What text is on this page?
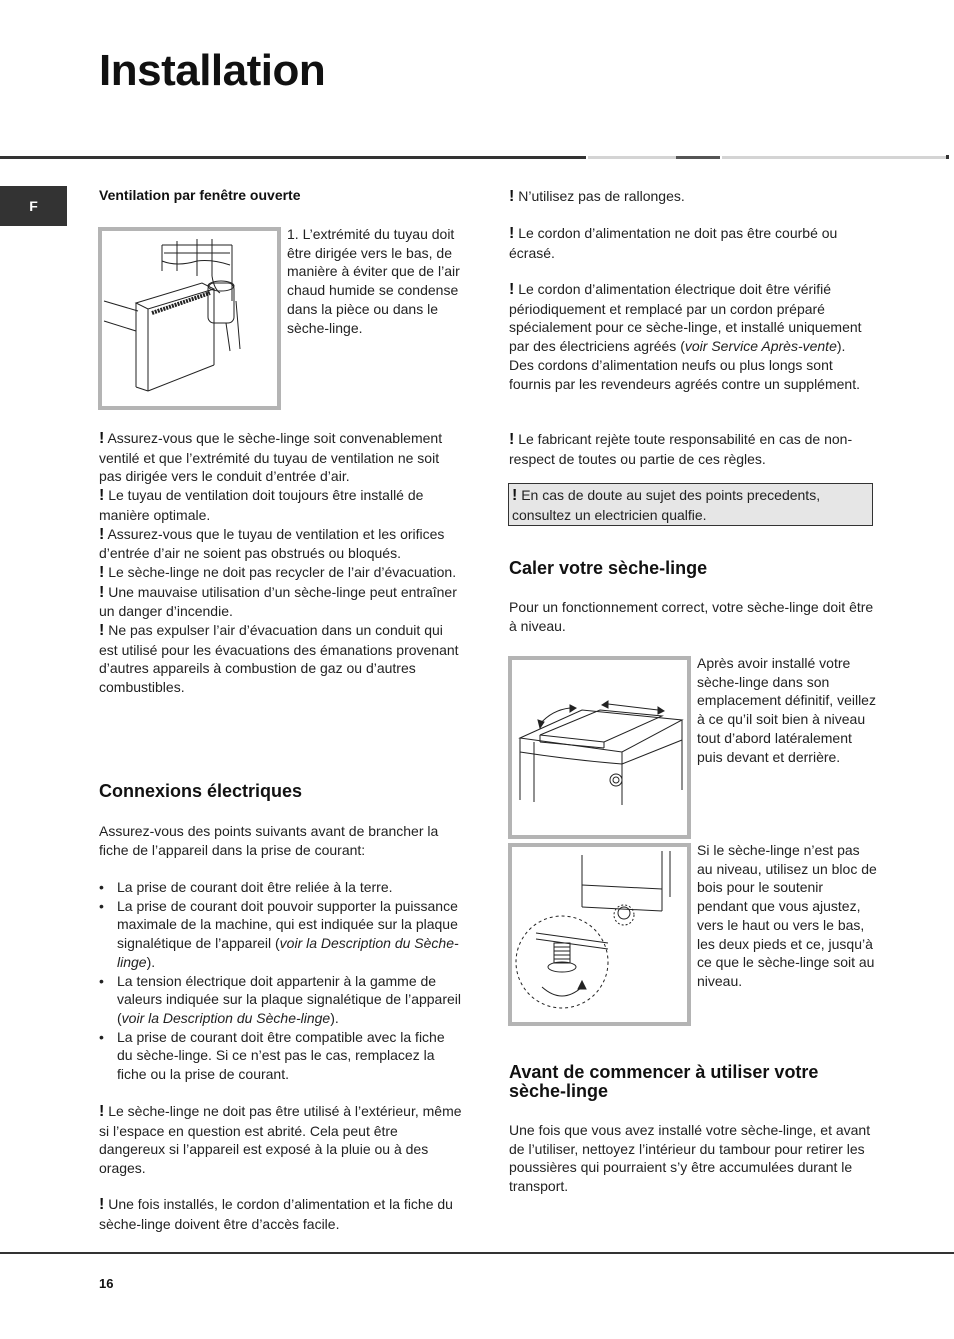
Installation
F
Ventilation par fenêtre ouverte
1. L’extrémité du tuyau doit être dirigée vers le bas, de manière à éviter que de l’air chaud humide se condense dans la pièce ou dans le sèche-linge.
! Assurez-vous que le sèche-linge soit convenablement ventilé et que l’extrémité du tuyau de ventilation ne soit pas dirigée vers le conduit d’entrée d’air.
! Le tuyau de ventilation doit toujours être installé de manière optimale.
! Assurez-vous que le tuyau de ventilation et les orifices d’entrée d’air ne soient pas obstrués ou bloqués.
! Le sèche-linge ne doit pas recycler de l’air d’évacuation.
! Une mauvaise utilisation d’un sèche-linge peut entraîner un danger d’incendie.
! Ne pas expulser l’air d’évacuation dans un conduit qui est utilisé pour les évacuations des émanations provenant d’autres appareils à combustion de gaz ou d’autres combustibles.
Connexions électriques
Assurez-vous des points suivants avant de brancher la fiche de l’appareil dans la prise de courant:
• La prise de courant doit être reliée à la terre.
• La prise de courant doit pouvoir supporter la puissance maximale de la machine, qui est indiquée sur la plaque signalétique de l’appareil (voir la Description du Sèche-linge).
• La tension électrique doit appartenir à la gamme de valeurs indiquée sur la plaque signalétique de l’appareil (voir la Description du Sèche-linge).
• La prise de courant doit être compatible avec la fiche du sèche-linge. Si ce n’est pas le cas, remplacez la fiche ou la prise de courant.
! Le sèche-linge ne doit pas être utilisé à l’extérieur, même si l’espace en question est abrité. Cela peut être dangereux si l’appareil est exposé à la pluie ou à des orages.
! Une fois installés, le cordon d’alimentation et la fiche du sèche-linge doivent être d’accès facile.
! N’utilisez pas de rallonges.
! Le cordon d’alimentation ne doit pas être courbé ou écrasé.
! Le cordon d’alimentation électrique doit être vérifié périodiquement et remplacé par un cordon préparé spécialement pour ce sèche-linge, et installé uniquement par des électriciens agréés (voir Service Après-vente). Des cordons d’alimentation neufs ou plus longs sont fournis par les revendeurs agréés contre un supplément.
! Le fabricant rejète toute responsabilité en cas de non-respect de toutes ou partie de ces règles.
! En cas de doute au sujet des points precedents, consultez un electricien qualfie.
Caler votre sèche-linge
Pour un fonctionnement correct, votre sèche-linge doit être à niveau.
Après avoir installé votre sèche-linge dans son emplacement définitif, veillez à ce qu’il soit bien à niveau tout d’abord latéralement puis devant et derrière.
Si le sèche-linge n’est pas au niveau, utilisez un bloc de bois pour le soutenir pendant que vous ajustez, vers le haut ou vers le bas, les deux pieds et ce, jusqu’à ce que le sèche-linge soit au niveau.
Avant de commencer à utiliser votre sèche-linge
Une fois que vous avez installé votre sèche-linge, et avant de l’utiliser, nettoyez l’intérieur du tambour pour retirer les poussières qui pourraient s’y être accumulées durant le transport.
16
